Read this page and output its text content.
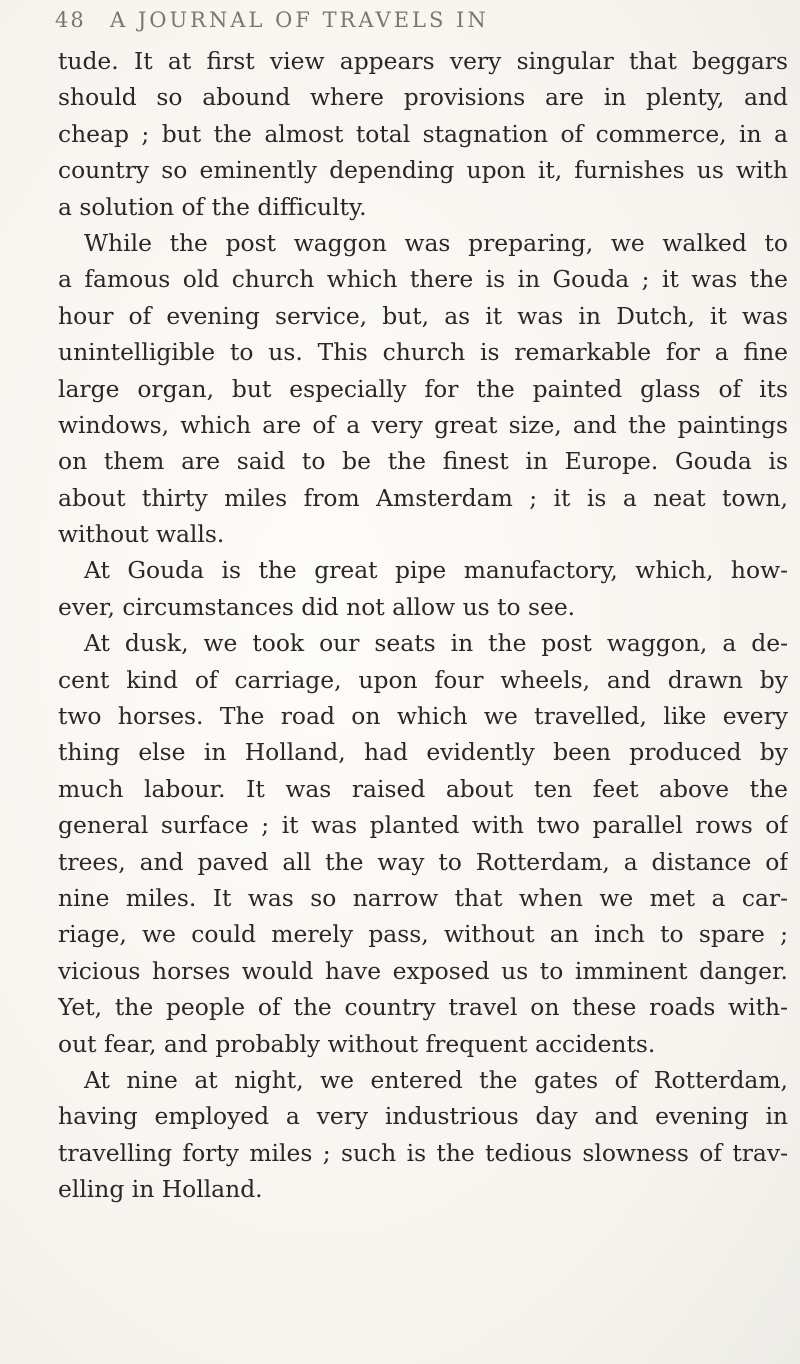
48 A JOURNAL OF TRAVELS IN
tude. It at first view appears very singular that beggars
should so abound where provisions are in plenty, and
cheap ; but the almost total stagnation of commerce, in a
country so eminently depending upon it, furnishes us with
a solution of the difficulty.
While the post waggon was preparing, we walked to
a famous old church which there is in Gouda ; it was the
hour of evening service, but, as it was in Dutch, it was
unintelligible to us. This church is remarkable for a fine
large organ, but especially for the painted glass of its
windows, which are of a very great size, and the paintings
on them are said to be the finest in Europe. Gouda is
about thirty miles from Amsterdam ; it is a neat town,
without walls.
At Gouda is the great pipe manufactory, which, how-
ever, circumstances did not allow us to see.
At dusk, we took our seats in the post waggon, a de-
cent kind of carriage, upon four wheels, and drawn by
two horses. The road on which we travelled, like every
thing else in Holland, had evidently been produced by
much labour. It was raised about ten feet above the
general surface ; it was planted with two parallel rows of
trees, and paved all the way to Rotterdam, a distance of
nine miles. It was so narrow that when we met a car-
riage, we could merely pass, without an inch to spare ;
vicious horses would have exposed us to imminent danger.
Yet, the people of the country travel on these roads with-
out fear, and probably without frequent accidents.
At nine at night, we entered the gates of Rotterdam,
having employed a very industrious day and evening in
travelling forty miles ; such is the tedious slowness of trav-
elling in Holland.
